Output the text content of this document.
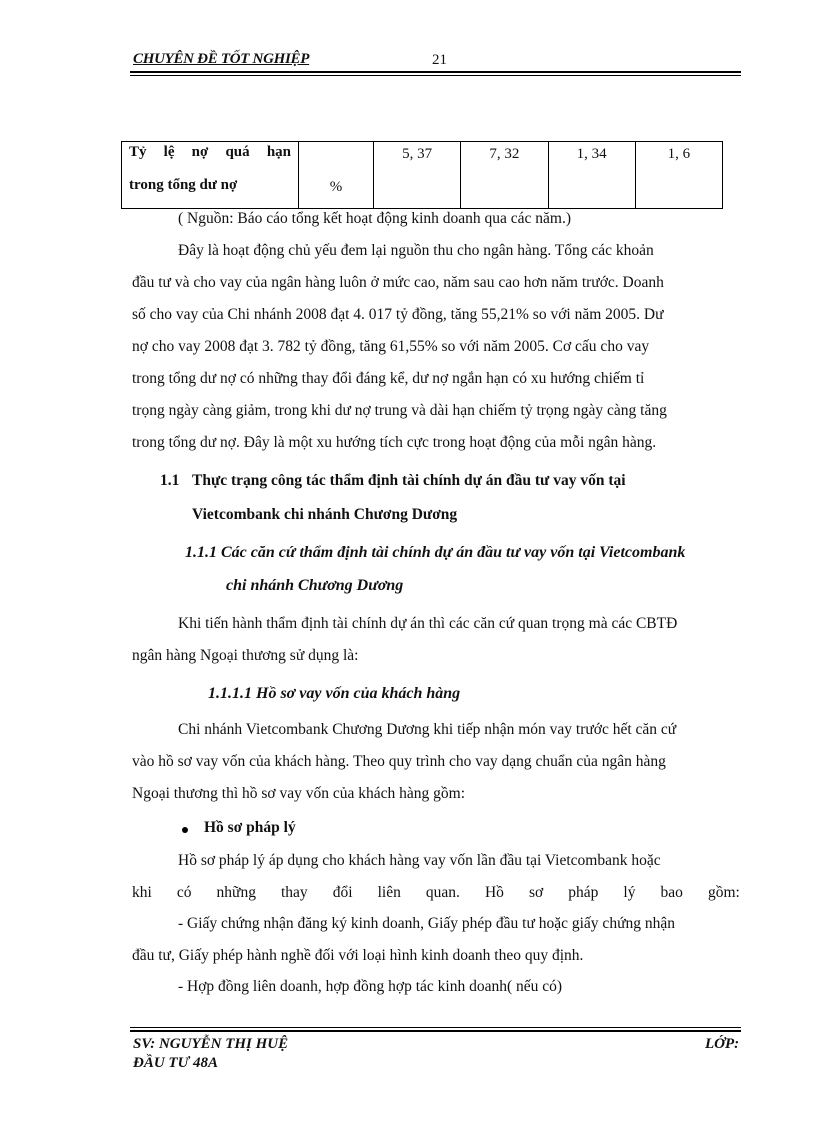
CHUYÊN ĐỀ TỐT NGHIỆP	21
Tỷ lệ nợ quá hạn
trong tổng dư nợ	%	5, 37	7, 32	1, 34	1, 6
( Nguồn: Báo cáo tổng kết hoạt động kinh doanh qua các năm.)
Đây là hoạt động chủ yếu đem lại nguồn thu cho ngân hàng. Tổng các khoản
đầu tư và cho vay của ngân hàng luôn ở mức cao, năm sau cao hơn năm trước. Doanh
số cho vay của Chi nhánh 2008 đạt 4. 017 tỷ đồng, tăng 55,21% so với năm 2005. Dư
nợ cho vay 2008 đạt 3. 782 tỷ đồng, tăng 61,55% so với năm 2005. Cơ cấu cho vay
trong tổng dư nợ có những thay đổi đáng kể, dư nợ ngắn hạn có xu hướng chiếm tỉ
trọng ngày càng giảm, trong khi dư nợ trung và dài hạn chiếm tỷ trọng ngày càng tăng
trong tổng dư nợ. Đây là một xu hướng tích cực trong hoạt động của mỗi ngân hàng.
1.1 Thực trạng công tác thẩm định tài chính dự án đầu tư vay vốn tại
Vietcombank chi nhánh Chương Dương
1.1.1 Các căn cứ thẩm định tài chính dự án đầu tư vay vốn tại Vietcombank
chi nhánh Chương Dương
Khi tiến hành thẩm định tài chính dự án thì các căn cứ quan trọng mà các CBTĐ
ngân hàng Ngoại thương sử dụng là:
1.1.1.1 Hồ sơ vay vốn của khách hàng
Chi nhánh Vietcombank Chương Dương khi tiếp nhận món vay trước hết căn cứ
vào hồ sơ vay vốn của khách hàng. Theo quy trình cho vay dạng chuẩn của ngân hàng
Ngoại thương thì hồ sơ vay vốn của khách hàng gồm:
Hồ sơ pháp lý
Hồ sơ pháp lý áp dụng cho khách hàng vay vốn lần đầu tại Vietcombank hoặc
khi có những thay đổi liên quan. Hồ sơ pháp lý bao gồm:
- Giấy chứng nhận đăng ký kinh doanh, Giấy phép đầu tư hoặc giấy chứng nhận
đầu tư, Giấy phép hành nghề đối với loại hình kinh doanh theo quy định.
- Hợp đồng liên doanh, hợp đồng hợp tác kinh doanh( nếu có)
SV: NGUYỄN THỊ HUỆ	LỚP:
ĐẦU TƯ 48A
